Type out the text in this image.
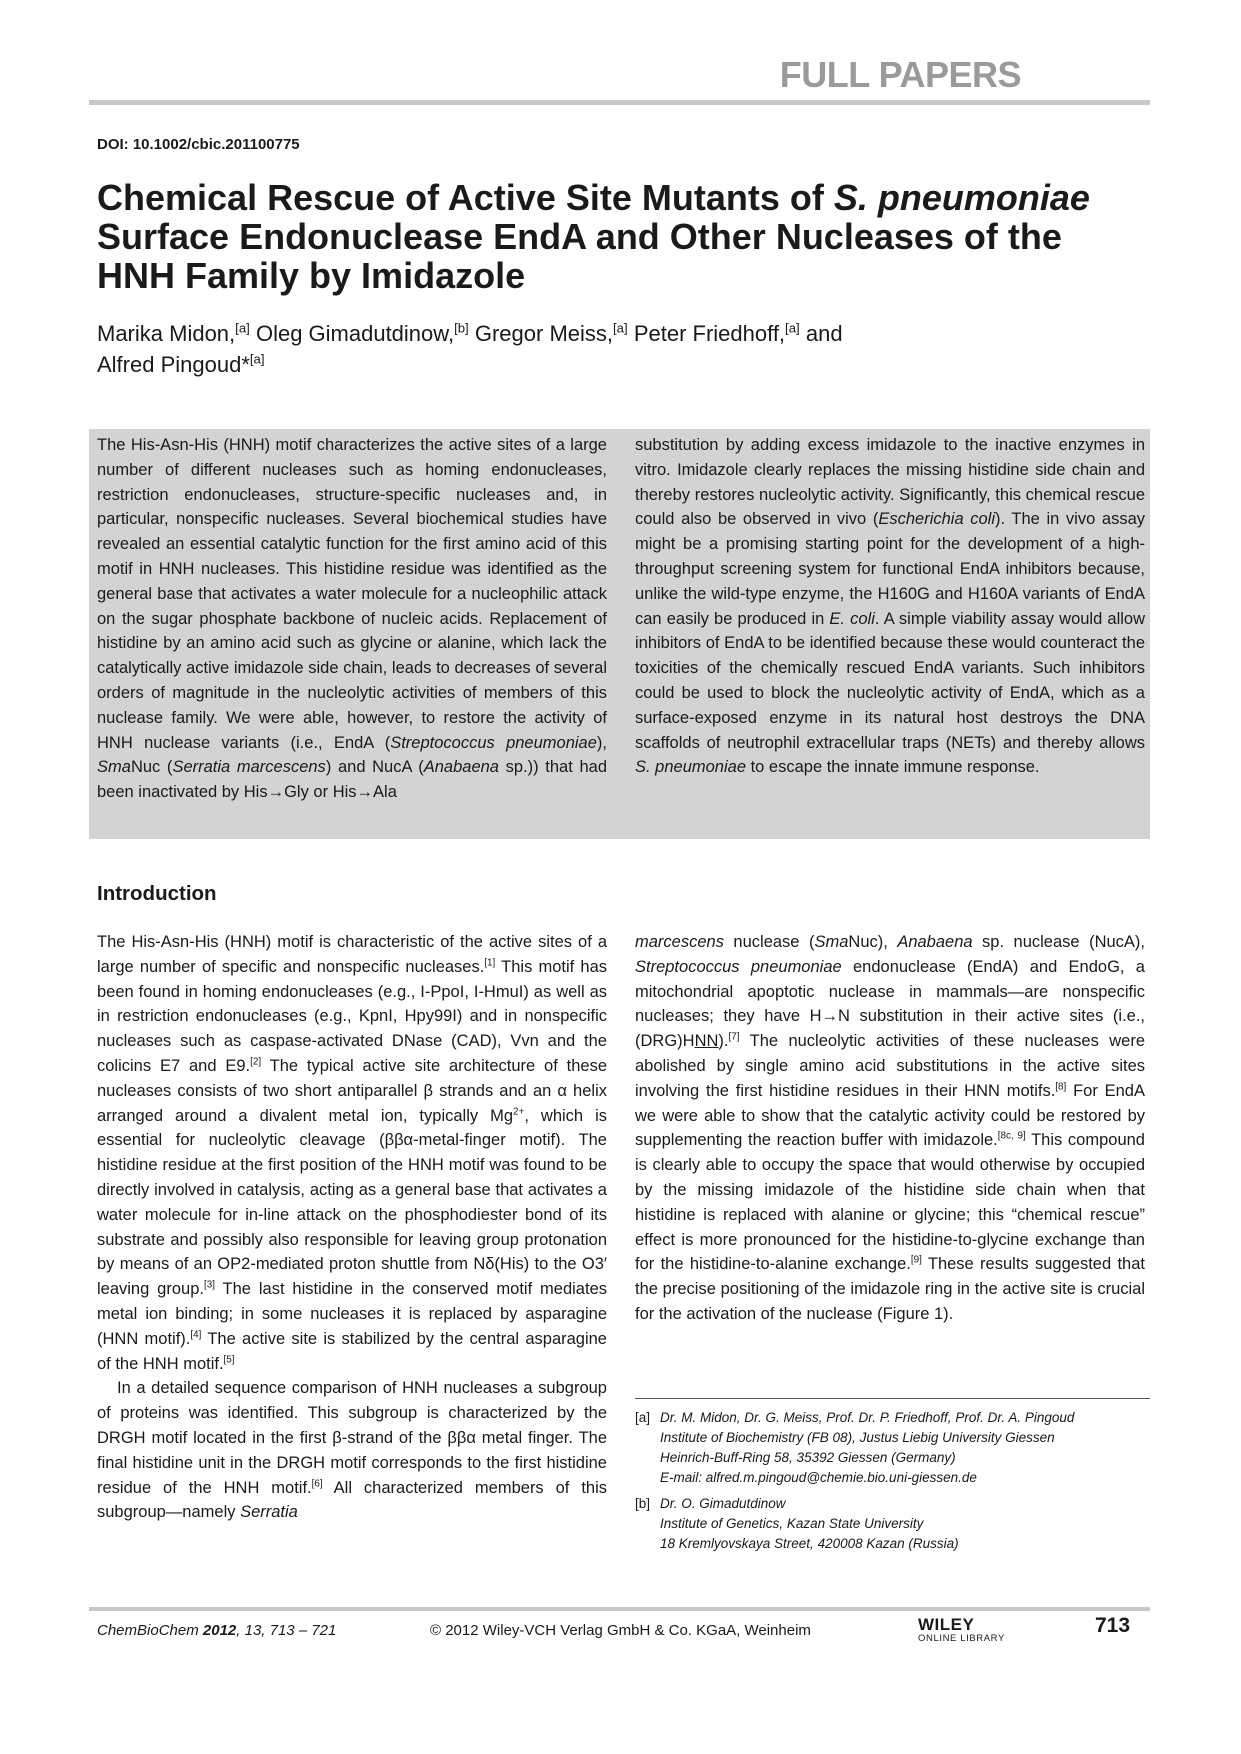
FULL PAPERS
DOI: 10.1002/cbic.201100775
Chemical Rescue of Active Site Mutants of S. pneumoniae Surface Endonuclease EndA and Other Nucleases of the HNH Family by Imidazole
Marika Midon,[a] Oleg Gimadutdinow,[b] Gregor Meiss,[a] Peter Friedhoff,[a] and
Alfred Pingoud*[a]

The His-Asn-His (HNH) motif characterizes the active sites of a large number of different nucleases such as homing endonucleases, restriction endonucleases, structure-specific nucleases and, in particular, nonspecific nucleases. Several biochemical studies have revealed an essential catalytic function for the first amino acid of this motif in HNH nucleases. This histidine residue was identified as the general base that activates a water molecule for a nucleophilic attack on the sugar phosphate backbone of nucleic acids. Replacement of histidine by an amino acid such as glycine or alanine, which lack the catalytically active imidazole side chain, leads to decreases of several orders of magnitude in the nucleolytic activities of members of this nuclease family. We were able, however, to restore the activity of HNH nuclease variants (i.e., EndA (Streptococcus pneumoniae), SmaNuc (Serratia marcescens) and NucA (Anabaena sp.)) that had been inactivated by His→Gly or His→Ala

substitution by adding excess imidazole to the inactive enzymes in vitro. Imidazole clearly replaces the missing histidine side chain and thereby restores nucleolytic activity. Significantly, this chemical rescue could also be observed in vivo (Escherichia coli). The in vivo assay might be a promising starting point for the development of a high-throughput screening system for functional EndA inhibitors because, unlike the wild-type enzyme, the H160G and H160A variants of EndA can easily be produced in E. coli. A simple viability assay would allow inhibitors of EndA to be identified because these would counteract the toxicities of the chemically rescued EndA variants. Such inhibitors could be used to block the nucleolytic activity of EndA, which as a surface-exposed enzyme in its natural host destroys the DNA scaffolds of neutrophil extracellular traps (NETs) and thereby allows S. pneumoniae to escape the innate immune response.

Introduction

The His-Asn-His (HNH) motif is characteristic of the active sites of a large number of specific and nonspecific nucleases.[1] This motif has been found in homing endonucleases (e.g., I-PpoI, I-HmuI) as well as in restriction endonucleases (e.g., KpnI, Hpy99I) and in nonspecific nucleases such as caspase-activated DNase (CAD), Vvn and the colicins E7 and E9.[2] The typical active site architecture of these nucleases consists of two short antiparallel β strands and an α helix arranged around a divalent metal ion, typically $Mg^{2+}$, which is essential for nucleolytic cleavage (ββα-metal-finger motif). The histidine residue at the first position of the HNH motif was found to be directly involved in catalysis, acting as a general base that activates a water molecule for in-line attack on the phosphodiester bond of its substrate and possibly also responsible for leaving group protonation by means of an OP2-mediated proton shuttle from Nδ(His) to the O3′ leaving group.[3] The last histidine in the conserved motif mediates metal ion binding; in some nucleases it is replaced by asparagine (HNN motif).[4] The active site is stabilized by the central asparagine of the HNH motif.[5]

In a detailed sequence comparison of HNH nucleases a subgroup of proteins was identified. This subgroup is characterized by the DRGH motif located in the first β-strand of the ββα metal finger. The final histidine unit in the DRGH motif corresponds to the first histidine residue of the HNH motif.[6] All characterized members of this subgroup—namely Serratia

marcescens nuclease (SmaNuc), Anabaena sp. nuclease (NucA), Streptococcus pneumoniae endonuclease (EndA) and EndoG, a mitochondrial apoptotic nuclease in mammals—are nonspecific nucleases; they have H→N substitution in their active sites (i.e., (DRG)HNN).[7] The nucleolytic activities of these nucleases were abolished by single amino acid substitutions in the active sites involving the first histidine residues in their HNN motifs.[8] For EndA we were able to show that the catalytic activity could be restored by supplementing the reaction buffer with imidazole.[8c, 9] This compound is clearly able to occupy the space that would otherwise by occupied by the missing imidazole of the histidine side chain when that histidine is replaced with alanine or glycine; this “chemical rescue” effect is more pronounced for the histidine-to-glycine exchange than for the histidine-to-alanine exchange.[9] These results suggested that the precise positioning of the imidazole ring in the active site is crucial for the activation of the nuclease (Figure 1).

[a] Dr. M. Midon, Dr. G. Meiss, Prof. Dr. P. Friedhoff, Prof. Dr. A. Pingoud
Institute of Biochemistry (FB 08), Justus Liebig University Giessen
Heinrich-Buff-Ring 58, 35392 Giessen (Germany)
E-mail: alfred.m.pingoud@chemie.bio.uni-giessen.de
[b] Dr. O. Gimadutdinow
Institute of Genetics, Kazan State University
18 Kremlyovskaya Street, 420008 Kazan (Russia)
ChemBioChem 2012, 13, 713 – 721	© 2012 Wiley-VCH Verlag GmbH & Co. KGaA, Weinheim	WILEY
ONLINE LIBRARY
713
